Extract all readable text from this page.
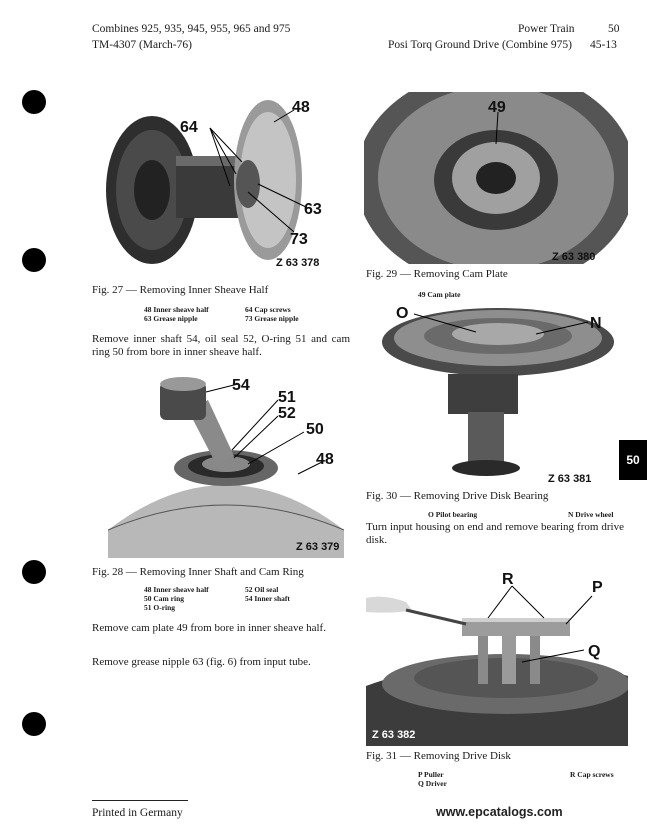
Combines 925, 935, 945, 955, 965 and 975
TM-4307 (March-76)
Power Train	50
Posi Torq Ground Drive (Combine 975) 45-13
48
64
63
73
Z 63 378
Fig. 27 — Removing Inner Sheave Half
48 Inner sheave half
63 Grease nipple
64 Cap screws
73 Grease nipple
Remove inner shaft 54, oil seal 52, O-ring 51 and cam ring 50 from bore in inner sheave half.
54
51
52
50
48
Z 63 379
Fig. 28 — Removing Inner Shaft and Cam Ring
48 Inner sheave half
50 Cam ring
51 O-ring
52 Oil seal
54 Inner shaft
Remove cam plate 49 from bore in inner sheave half.
Remove grease nipple 63 (fig. 6) from input tube.
49
Z 63 380
Fig. 29 — Removing Cam Plate
49 Cam plate
O
N
Z 63 381
Fig. 30 — Removing Drive Disk Bearing
O Pilot bearing	N Drive wheel
Turn input housing on end and remove bearing from drive disk.
R	P
Q
Z 63 382
Fig. 31 — Removing Drive Disk
P Puller
Q Driver
R Cap screws
50
Printed in Germany	www.epcatalogs.com
